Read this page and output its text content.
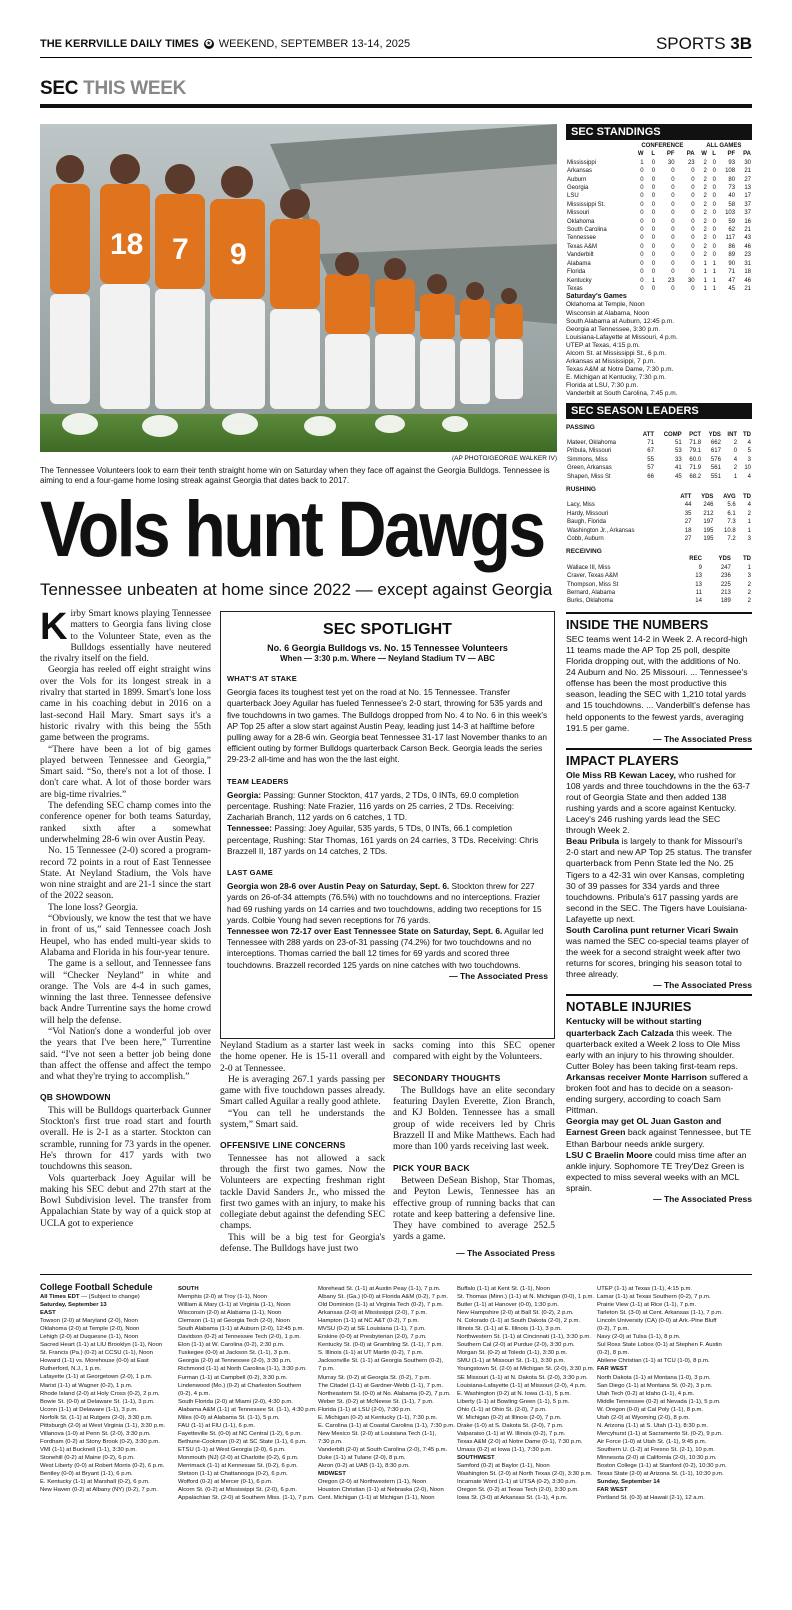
THE KERRVILLE DAILY TIMES ✪ WEEKEND, SEPTEMBER 13-14, 2025	SPORTS 3B
SEC THIS WEEK
18 7 9
(AP PHOTO/GEORGE WALKER IV)
The Tennessee Volunteers look to earn their tenth straight home win on Saturday when they face off against the Georgia Bulldogs. Tennessee is aiming to end a four-game home losing streak against Georgia that dates back to 2017.
Vols hunt Dawgs
Tennessee unbeaten at home since 2022 — except against Georgia

Kirby Smart knows playing Tennessee matters to Georgia fans living close to the Volunteer State, even as the Bulldogs essentially have neutered the rivalry itself on the field.

Georgia has reeled off eight straight wins over the Vols for its longest streak in a rivalry that started in 1899. Smart's lone loss came in his coaching debut in 2016 on a last-second Hail Mary. Smart says it's a historic rivalry with this being the 55th game between the programs.

“There have been a lot of big games played between Tennessee and Georgia,” Smart said. “So, there's not a lot of those. I don't care what. A lot of those border wars are big-time rivalries.”

The defending SEC champ comes into the conference opener for both teams Saturday, ranked sixth after a somewhat underwhelming 28-6 win over Austin Peay.

No. 15 Tennessee (2-0) scored a program-record 72 points in a rout of East Tennessee State. At Neyland Stadium, the Vols have won nine straight and are 21-1 since the start of the 2022 season.

The lone loss? Georgia.

“Obviously, we know the test that we have in front of us,” said Tennessee coach Josh Heupel, who has ended multi-year skids to Alabama and Florida in his four-year tenure.

The game is a sellout, and Tennessee fans will “Checker Neyland” in white and orange. The Vols are 4-4 in such games, winning the last three. Tennessee defensive back Andre Turrentine says the home crowd will help the defense.

“Vol Nation's done a wonderful job over the years that I've been here,” Turrentine said. “I've not seen a better job being done than affect the offense and affect the tempo and what they're trying to accomplish.”

QB SHOWDOWN

This will be Bulldogs quarterback Gunner Stockton's first true road start and fourth overall. He is 2-1 as a starter. Stockton can scramble, running for 73 yards in the opener. He's thrown for 417 yards with two touchdowns this season.

Vols quarterback Joey Aguilar will be making his SEC debut and 27th start at the Bowl Subdivision level. The transfer from Appalachian State by way of a quick stop at UCLA got to experience

SEC SPOTLIGHT
No. 6 Georgia Bulldogs vs. No. 15 Tennessee Volunteers
When — 3:30 p.m. Where — Neyland Stadium TV — ABC
WHAT'S AT STAKE
Georgia faces its toughest test yet on the road at No. 15 Tennessee. Transfer quarterback Joey Aguilar has fueled Tennessee's 2-0 start, throwing for 535 yards and five touchdowns in two games. The Bulldogs dropped from No. 4 to No. 6 in this week's AP Top 25 after a slow start against Austin Peay, leading just 14-3 at halftime before pulling away for a 28-6 win. Georgia beat Tennessee 31-17 last November thanks to an efficient outing by former Bulldogs quarterback Carson Beck. Georgia leads the series 29-23-2 all-time and has won the the last eight.
TEAM LEADERS
Georgia: Passing: Gunner Stockton, 417 yards, 2 TDs, 0 INTs, 69.0 completion percentage. Rushing: Nate Frazier, 116 yards on 25 carries, 2 TDs. Receiving: Zachariah Branch, 112 yards on 6 catches, 1 TD.
Tennessee: Passing: Joey Aguilar, 535 yards, 5 TDs, 0 INTs, 66.1 completion percentage, Rushing: Star Thomas, 161 yards on 24 carries, 3 TDs. Receiving: Chris Brazzell II, 187 yards on 14 catches, 2 TDs.
LAST GAME
Georgia won 28-6 over Austin Peay on Saturday, Sept. 6. Stockton threw for 227 yards on 26-of-34 attempts (76.5%) with no touchdowns and no interceptions. Frazier had 69 rushing yards on 14 carries and two touchdowns, adding two receptions for 15 yards. Colbie Young had seven receptions for 76 yards.
Tennessee won 72-17 over East Tennessee State on Saturday, Sept. 6. Aguilar led Tennessee with 288 yards on 23-of-31 passing (74.2%) for two touchdowns and no interceptions. Thomas carried the ball 12 times for 69 yards and scored three touchdowns. Brazzell recorded 125 yards on nine catches with two touchdowns.
— The Associated Press

Neyland Stadium as a starter last week in the home opener. He is 15-11 overall and 2-0 at Tennessee.

He is averaging 267.1 yards passing per game with five touchdown passes already. Smart called Aguilar a really good athlete.

“You can tell he understands the system,” Smart said.

OFFENSIVE LINE CONCERNS

Tennessee has not allowed a sack through the first two games. Now the Volunteers are expecting freshman right tackle David Sanders Jr., who missed the first two games with an injury, to make his collegiate debut against the defending SEC champs.

This will be a big test for Georgia's defense. The Bulldogs have just two

sacks coming into this SEC opener compared with eight by the Volunteers.

SECONDARY THOUGHTS

The Bulldogs have an elite secondary featuring Daylen Everette, Zion Branch, and KJ Bolden. Tennessee has a small group of wide receivers led by Chris Brazzell II and Mike Matthews. Each had more than 100 yards receiving last week.

PICK YOUR BACK

Between DeSean Bishop, Star Thomas, and Peyton Lewis, Tennessee has an effective group of running backs that can rotate and keep battering a defensive line. They have combined to average 252.5 yards a game.

— The Associated Press
SEC STANDINGS
	CONFERENCE				ALL GAMES			
	W	L	PF	PA	W	L	PF	PA
Mississippi	1	0	30	23	2	0	93	30
Arkansas	0	0	0	0	2	0	108	21
Auburn	0	0	0	0	2	0	80	27
Georgia	0	0	0	0	2	0	73	13
LSU	0	0	0	0	2	0	40	17
Mississippi St.	0	0	0	0	2	0	58	37
Missouri	0	0	0	0	2	0	103	37
Oklahoma	0	0	0	0	2	0	59	16
South Carolina	0	0	0	0	2	0	62	21
Tennessee	0	0	0	0	2	0	117	43
Texas A&M	0	0	0	0	2	0	86	46
Vanderbilt	0	0	0	0	2	0	89	23
Alabama	0	0	0	0	1	1	90	31
Florida	0	0	0	0	1	1	71	18
Kentucky	0	1	23	30	1	1	47	46
Texas	0	0	0	0	1	1	45	21
Saturday's Games
Oklahoma at Temple, Noon
Wisconsin at Alabama, Noon
South Alabama at Auburn, 12:45 p.m.
Georgia at Tennessee, 3:30 p.m.
Louisiana-Lafayette at Missouri, 4 p.m.
UTEP at Texas, 4:15 p.m.
Alcorn St. at Mississippi St., 6 p.m.
Arkansas at Mississippi, 7 p.m.
Texas A&M at Notre Dame, 7:30 p.m.
E. Michigan at Kentucky, 7:30 p.m.
Florida at LSU, 7:30 p.m.
Vanderbilt at South Carolina, 7:45 p.m.
SEC SEASON LEADERS
PASSING
	ATT	COMP	PCT	YDS	INT	TD
Mateer, Oklahoma	71	51	71.8	662	2	4
Pribula, Missouri	67	53	79.1	617	0	5
Simmons, Miss	55	33	60.0	576	4	3
Green, Arkansas	57	41	71.9	561	2	10
Shapen, Miss St	66	45	68.2	551	1	4
RUSHING
	ATT	YDS	AVG	TD
Lacy, Miss	44	246	5.6	4
Hardy, Missouri	35	212	6.1	2
Baugh, Florida	27	197	7.3	1
Washington Jr., Arkansas	18	195	10.8	1
Cobb, Auburn	27	195	7.2	3
RECEIVING
	REC	YDS	TD
Wallace III, Miss	9	247	1
Craver, Texas A&M	13	236	3
Thompson, Miss St	13	225	2
Bernard, Alabama	11	213	2
Burks, Oklahoma	14	189	2
INSIDE THE NUMBERS
SEC teams went 14-2 in Week 2. A record-high 11 teams made the AP Top 25 poll, despite Florida dropping out, with the additions of No. 24 Auburn and No. 25 Missouri. ... Tennessee's offense has been the most productive this season, leading the SEC with 1,210 total yards and 15 touchdowns. ... Vanderbilt's defense has held opponents to the fewest yards, averaging 191.5 per game.
— The Associated Press
IMPACT PLAYERS
Ole Miss RB Kewan Lacey, who rushed for 108 yards and three touchdowns in the the 63-7 rout of Georgia State and then added 138 rushing yards and a score against Kentucky. Lacey's 246 rushing yards lead the SEC through Week 2.
Beau Pribula is largely to thank for Missouri's 2-0 start and new AP Top 25 status. The transfer quarterback from Penn State led the No. 25 Tigers to a 42-31 win over Kansas, completing 30 of 39 passes for 334 yards and three touchdowns. Pribula's 617 passing yards are second in the SEC. The Tigers have Louisiana-Lafayette up next.
South Carolina punt returner Vicari Swain was named the SEC co-special teams player of the week for a second straight week after two returns for scores, bringing his season total to three already.
— The Associated Press
NOTABLE INJURIES
Kentucky will be without starting quarterback Zach Calzada this week. The quarterback exited a Week 2 loss to Ole Miss early with an injury to his throwing shoulder. Cutter Boley has been taking first-team reps.
Arkansas receiver Monte Harrison suffered a broken foot and has to decide on a season-ending surgery, according to coach Sam Pittman.
Georgia may get OL Juan Gaston and Earnest Green back against Tennessee, but TE Ethan Barbour needs ankle surgery.
LSU C Braelin Moore could miss time after an ankle injury. Sophomore TE Trey'Dez Green is expected to miss several weeks with an MCL sprain.
— The Associated Press
College Football Schedule
All Times EDT — (Subject to change)
Saturday, September 13
EAST
Towson (2-0) at Maryland (2-0), Noon
Oklahoma (2-0) at Temple (2-0), Noon
Lehigh (2-0) at Duquesne (1-1), Noon
Sacred Heart (1-1) at LIU Brooklyn (1-1), Noon
St. Francis (Pa.) (0-2) at CCSU (1-1), Noon
Howard (1-1) vs. Morehouse (0-0) at East
Rutherford, N.J., 1 p.m.
Lafayette (1-1) at Georgetown (2-0), 1 p.m.
Marist (1-1) at Wagner (0-2), 1 p.m.
Rhode Island (2-0) at Holy Cross (0-2), 2 p.m.
Bowie St. (0-0) at Delaware St. (1-1), 3 p.m.
Uconn (1-1) at Delaware (1-1), 3 p.m.
Norfolk St. (1-1) at Rutgers (2-0), 3:30 p.m.
Pittsburgh (2-0) at West Virginia (1-1), 3:30 p.m.
Villanova (1-0) at Penn St. (2-0), 3:30 p.m.
Fordham (0-2) at Stony Brook (0-2), 3:30 p.m.
VMI (1-1) at Bucknell (1-1), 3:30 p.m.
Stonehill (0-2) at Maine (0-2), 6 p.m.
West Liberty (0-0) at Robert Morris (0-2), 6 p.m.
Bentley (0-0) at Bryant (1-1), 6 p.m.
E. Kentucky (1-1) at Marshall (0-2), 6 p.m.
New Haven (0-2) at Albany (NY) (0-2), 7 p.m.
SOUTH
Memphis (2-0) at Troy (1-1), Noon
William & Mary (1-1) at Virginia (1-1), Noon
Wisconsin (2-0) at Alabama (1-1), Noon
Clemson (1-1) at Georgia Tech (2-0), Noon
South Alabama (1-1) at Auburn (2-0), 12:45 p.m.
Davidson (0-2) at Tennessee Tech (2-0), 1 p.m.
Elon (1-1) at W. Carolina (0-2), 2:30 p.m.
Tuskegee (0-0) at Jackson St. (1-1), 3 p.m.
Georgia (2-0) at Tennessee (2-0), 3:30 p.m.
Richmond (1-1) at North Carolina (1-1), 3:30 p.m.
Furman (1-1) at Campbell (0-2), 3:30 p.m.
Lindenwood (Mo.) (0-2) at Charleston Southern
(0-2), 4 p.m.
South Florida (2-0) at Miami (2-0), 4:30 p.m.
Alabama A&M (1-1) at Tennessee St. (1-1), 4:30 p.m.
Miles (0-0) at Alabama St. (1-1), 5 p.m.
FAU (1-1) at FIU (1-1), 6 p.m.
Fayetteville St. (0-0) at NC Central (1-2), 6 p.m.
Bethune-Cookman (0-2) at SC State (1-1), 6 p.m.
ETSU (1-1) at West Georgia (2-0), 6 p.m.
Monmouth (NJ) (2-0) at Charlotte (0-2), 6 p.m.
Merrimack (1-1) at Kennesaw St. (0-2), 6 p.m.
Stetson (1-1) at Chattanooga (0-2), 6 p.m.
Wofford (0-2) at Mercer (0-1), 6 p.m.
Alcorn St. (0-2) at Mississippi St. (2-0), 6 p.m.
Appalachian St. (2-0) at Southern Miss. (1-1), 7 p.m.
Morehead St. (1-1) at Austin Peay (1-1), 7 p.m.
Albany St. (Ga.) (0-0) at Florida A&M (0-2), 7 p.m.
Old Dominion (1-1) at Virginia Tech (0-2), 7 p.m.
Arkansas (2-0) at Mississippi (2-0), 7 p.m.
Hampton (1-1) at NC A&T (0-2), 7 p.m.
MVSU (0-2) at SE Louisiana (1-1), 7 p.m.
Erskine (0-0) at Presbyterian (2-0), 7 p.m.
Kentucky St. (0-0) at Grambling St. (1-1), 7 p.m.
S. Illinois (1-1) at UT Martin (0-2), 7 p.m.
Jacksonville St. (1-1) at Georgia Southern (0-2),
7 p.m.
Murray St. (0-2) at Georgia St. (0-2), 7 p.m.
The Citadel (1-1) at Gardner-Webb (1-1), 7 p.m.
Northeastern St. (0-0) at No. Alabama (0-2), 7 p.m.
Weber St. (0-2) at McNeese St. (1-1), 7 p.m.
Florida (1-1) at LSU (2-0), 7:30 p.m.
E. Michigan (0-2) at Kentucky (1-1), 7:30 p.m.
E. Carolina (1-1) at Coastal Carolina (1-1), 7:30 p.m.
New Mexico St. (2-0) at Louisiana Tech (1-1),
7:30 p.m.
Vanderbilt (2-0) at South Carolina (2-0), 7:45 p.m.
Duke (1-1) at Tulane (2-0), 8 p.m.
Akron (0-2) at UAB (1-1), 8:30 p.m.
MIDWEST
Oregon (2-0) at Northwestern (1-1), Noon
Houston Christian (1-1) at Nebraska (2-0), Noon
Cent. Michigan (1-1) at Michigan (1-1), Noon
Buffalo (1-1) at Kent St. (1-1), Noon
St. Thomas (Minn.) (1-1) at N. Michigan (0-0), 1 p.m.
Butler (1-1) at Hanover (0-0), 1:30 p.m.
New Hampshire (2-0) at Ball St. (0-2), 2 p.m.
N. Colorado (1-1) at South Dakota (2-0), 2 p.m.
Illinois St. (1-1) at E. Illinois (1-1), 3 p.m.
Northwestern St. (1-1) at Cincinnati (1-1), 3:30 p.m.
Southern Cal (2-0) at Purdue (2-0), 3:30 p.m.
Morgan St. (0-2) at Toledo (1-1), 3:30 p.m.
SMU (1-1) at Missouri St. (1-1), 3:30 p.m.
Youngstown St. (2-0) at Michigan St. (2-0), 3:30 p.m.
SE Missouri (1-1) at N. Dakota St. (2-0), 3:30 p.m.
Louisiana-Lafayette (1-1) at Missouri (2-0), 4 p.m.
E. Washington (0-2) at N. Iowa (1-1), 5 p.m.
Liberty (1-1) at Bowling Green (1-1), 5 p.m.
Ohio (1-1) at Ohio St. (2-0), 7 p.m.
W. Michigan (0-2) at Illinois (2-0), 7 p.m.
Drake (1-0) at S. Dakota St. (2-0), 7 p.m.
Valparaiso (1-1) at W. Illinois (0-2), 7 p.m.
Texas A&M (2-0) at Notre Dame (0-1), 7:30 p.m.
Umass (0-2) at Iowa (1-1), 7:30 p.m.
SOUTHWEST
Samford (0-2) at Baylor (1-1), Noon
Washington St. (2-0) at North Texas (2-0), 3:30 p.m.
Incarnate Word (1-1) at UTSA (0-2), 3:30 p.m.
Oregon St. (0-2) at Texas Tech (2-0), 3:30 p.m.
Iowa St. (3-0) at Arkansas St. (1-1), 4 p.m.
UTEP (1-1) at Texas (1-1), 4:15 p.m.
Lamar (1-1) at Texas Southern (0-2), 7 p.m.
Prairie View (1-1) at Rice (1-1), 7 p.m.
Tarleton St. (3-0) at Cent. Arkansas (1-1), 7 p.m.
Lincoln University (CA) (0-0) at Ark.-Pine Bluff
(0-2), 7 p.m.
Navy (2-0) at Tulsa (1-1), 8 p.m.
Sul Ross State Lobos (0-1) at Stephen F. Austin
(0-2), 8 p.m.
Abilene Christian (1-1) at TCU (1-0), 8 p.m.
FAR WEST
North Dakota (1-1) at Montana (1-0), 3 p.m.
San Diego (1-1) at Montana St. (0-2), 3 p.m.
Utah Tech (0-2) at Idaho (1-1), 4 p.m.
Middle Tennessee (0-2) at Nevada (1-1), 5 p.m.
W. Oregon (0-0) at Cal Poly (1-1), 8 p.m.
Utah (2-0) at Wyoming (2-0), 8 p.m.
N. Arizona (1-1) at S. Utah (1-1), 8:30 p.m.
Mercyhurst (1-1) at Sacramento St. (0-2), 9 p.m.
Air Force (1-0) at Utah St. (1-1), 9:45 p.m.
Southern U. (1-2) at Fresno St. (2-1), 10 p.m.
Minnesota (2-0) at California (2-0), 10:30 p.m.
Boston College (1-1) at Stanford (0-2), 10:30 p.m.
Texas State (2-0) at Arizona St. (1-1), 10:30 p.m.
Sunday, September 14
FAR WEST
Portland St. (0-3) at Hawaii (2-1), 12 a.m.
